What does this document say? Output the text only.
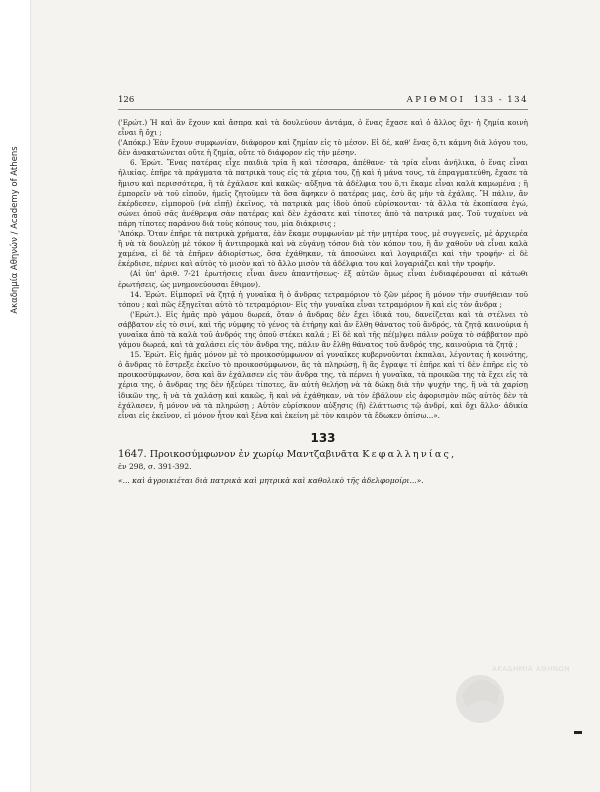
Ακαδημία Αθηνών / Academy of Athens
126	ΑΡΙΘΜΟΙ 133 - 134

('Ερώτ.) Ἡ καὶ ἂν ἔχουν καὶ ἄσπρα καὶ τὰ δουλεύουν ἀντάμα, ὁ ἕνας ἔχασε καὶ ὁ ἄλλος ὄχι· ἡ ζημία κοινὴ εἶναι ἢ ὄχι ;

('Απόκρ.) Ἐὰν ἔχουν συμφωνίαν, διάφορον καὶ ζημίαν εἰς τὸ μέσον. Εἰ δέ, καθ' ἕνας ὅ,τι κάμνη διὰ λόγου του, δὲν ἀνακατώνεται οὔτε ἡ ζημία, οὔτε τὸ διάφορον εἰς τὴν μέσην.

6. Ἐρώτ. Ἕνας πατέρας εἶχε παιδιὰ τρία ἢ καὶ τέσσαρα, ἀπέθανε· τὰ τρία εἶναι ἀνήλικα, ὁ ἕνας εἶναι ἠλικίας. ἐπῆρε τὰ πράγματα τὰ πατρικὰ τους εἰς τὰ χέρια του, ζῇ καὶ ἡ μάνα τους, τὰ ἐπραγματεύθη, ἔχασε τὰ ἥμισυ καὶ περισσότερα, ἢ τὰ ἐχάλασε καὶ κακῶς· αὔξηνα τὰ ἀδέλφια του ὅ,τι ἔκαμε εἶναι καλὰ καμωμένα ; ἢ ἐμπορεῖν νὰ τοῦ εἰποῦν, ἡμεῖς ζητοῦμεν τὰ ὅσα ἄφηκεν ὁ πατέρας μας, ἐσὺ ἂς μὴν τὰ ἐχάλας. Ἢ πάλιν, ἂν ἐκέρδεσεν, εἰμποροῦ (νὰ εἰπῇ) ἐκεῖνος, τὰ πατρικὰ μας ἰδοὺ ὁποῦ εὑρίσκονται· τὰ ἄλλα τὰ ἐκοπίασα ἐγώ, σώνει ὁποῦ σᾶς ἀνέθρεψα σὰν πατέρας καὶ δὲν ἐχάσατε καὶ τίποτες ἀπὸ τὰ πατρικά μας. Τοῦ τυχαίνει νὰ πάρη τίποτες παράνου διὰ τοὺς κόπους του, μία διάκρισις ;

'Απόκρ. Ὅταν ἐπῆρε τὰ πατρικὰ χρήματα, ἐὰν ἔκαμε συμφωνίαν μὲ τὴν μητέρα τους, μὲ συγγενεῖς, μὲ ἀρχιερέα ἢ νὰ τὰ δουλεύῃ μὲ τόκον ἢ ἀντιπρομκὰ καὶ νὰ εὐγάνῃ τόσον διὰ τὸν κόπον του, ἢ ἂν χαθοῦν νὰ εἶναι καλὰ χαμένα, εἰ δὲ τὰ ἐπῆρεν ἀδιορίστως, ὅσα ἐχάθηκαν, τὰ ἀποσώνει καὶ λογαριάζει καὶ τὴν τροφήν· εἰ δὲ ἐκέρδισε, πέρνει καὶ αὐτὸς τὸ μισὸν καὶ τὸ ἄλλο μισὸν τὰ ἀδέλφια του καὶ λογαριάζει καὶ τὴν τροφήν.

(Αἱ ὑπ' ἀριθ. 7-21 ἐρωτήσεις εἶναι ἄνευ ἀπαντήσεως· ἐξ αὐτῶν ὅμως εἶναι ἐνδιαφέρουσαι αἱ κάτωθι ἐρωτήσεις, ὡς μνημονεύουσαι ἔθιμον).

14. Ἐρώτ. Εἰμπορεῖ νὰ ζητᾷ ἡ γυναῖκα ἢ ὁ ἄνδρας τετραμόριον τὸ ζῶν μέρος ἢ μόνον τὴν συνήθειαν τοῦ τόπου ; καὶ πῶς ἐξηγεῖται αὐτὸ τὸ τετραμόριον· Εἰς τὴν γυναῖκα εἶναι τετραμόριον ἢ καὶ εἰς τὸν ἄνδρα ;

('Ερώτ.). Εἰς ἡμᾶς πρὸ γάμου δωρεά, ὅταν ὁ ἄνδρας δὲν ἔχει ἰδικά του, δανείζεται καὶ τὰ στέλνει τὸ σάββατον εἰς τὸ σινί, καὶ τῆς νύμφης τὸ γένος τὰ ἐτήρηγ καὶ ἂν ἔλθη θάνατος τοῦ ἄνδρός, τὰ ζητᾷ καινούρια ἡ γυναῖκα ἀπὸ τὰ καλὰ τοῦ ἀνδρός της ὁποῦ στέκει καλά ; Εἰ δὲ καὶ τῆς πέ(μ)ψει πάλιν ροῦχα τὸ σάββατον πρὸ γάμου δωρεά, καὶ τὰ χαλάσει εἰς τὸν ἄνδρα της, πάλιν ἂν ἔλθῃ θάνατος τοῦ ἄνδρός της, καινούρια τὰ ζητᾷ ;

15. Ἐρώτ. Εἰς ἡμᾶς μόνον μὲ τὸ προικοσύμφωνον αἱ γυναῖκες κυβερνοῦνται ἐκπαλαι, λέγοντας ἡ κοινότης, ὁ ἄνδρας τὸ ἔστρεξε ἐκεῖνο τὸ προικοσύμφωνον, ἂς τὰ πληρώσῃ, ἢ ἂς ἔγραψε τί ἐπῆρε καὶ τί δὲν ἐπῆρε εἰς τὸ προικοσύμφωνον, ὅσα καὶ ἂν ἐχάλασεν εἰς τὸν ἄνδρα της, τὰ πέρνει ἡ γυναῖκα, τὰ προικῶα της τὰ ἔχει εἰς τὰ χέρια της, ὁ ἄνδρας της δὲν ἠξεύρει τίποτες, ἂν αὐτὴ θελήσῃ νὰ τὰ δώκῃ διὰ τὴν ψυχήν της, ἢ νὰ τὰ χαρίσῃ ἰδικῶν της, ἢ νὰ τὰ χαλάσῃ καὶ κακῶς, ἢ καὶ νὰ ἐχάθηκαν, νὰ τὸν ἐβάλουν εἰς ἀφορισμὸν πῶς αὐτὸς δὲν τὰ ἐχάλασεν, ἢ μόνον νὰ τὰ πληρώσῃ ; Αὐτὸν εὑρίσκουν αὐξησις (ἢ) ἐλάττωσις τῷ ἀνδρί, καὶ ὄχι ἄλλο· ἀδικία εἶναι εἰς ἐκεῖνον, εἰ μόνον ἦτον καὶ ξένα καὶ ἐκείνη μὲ τὸν καιρὸν τὰ ἔδωκεν ὀπίσω...».

133
1647. Προικοσύμφωνον ἐν χωρίῳ Μαντζαβινᾶτα Κεφαλληνίας,
ἐν 298, σ. 391-392.
«... καὶ ἀγροικιέται διὰ πατρικὰ καὶ μητρικὰ καὶ καθολικὸ τῆς ἀδελφομοίρι...».
ΑΚΑΔΗΜΙΑ ΑΘΗΝΩΝ
